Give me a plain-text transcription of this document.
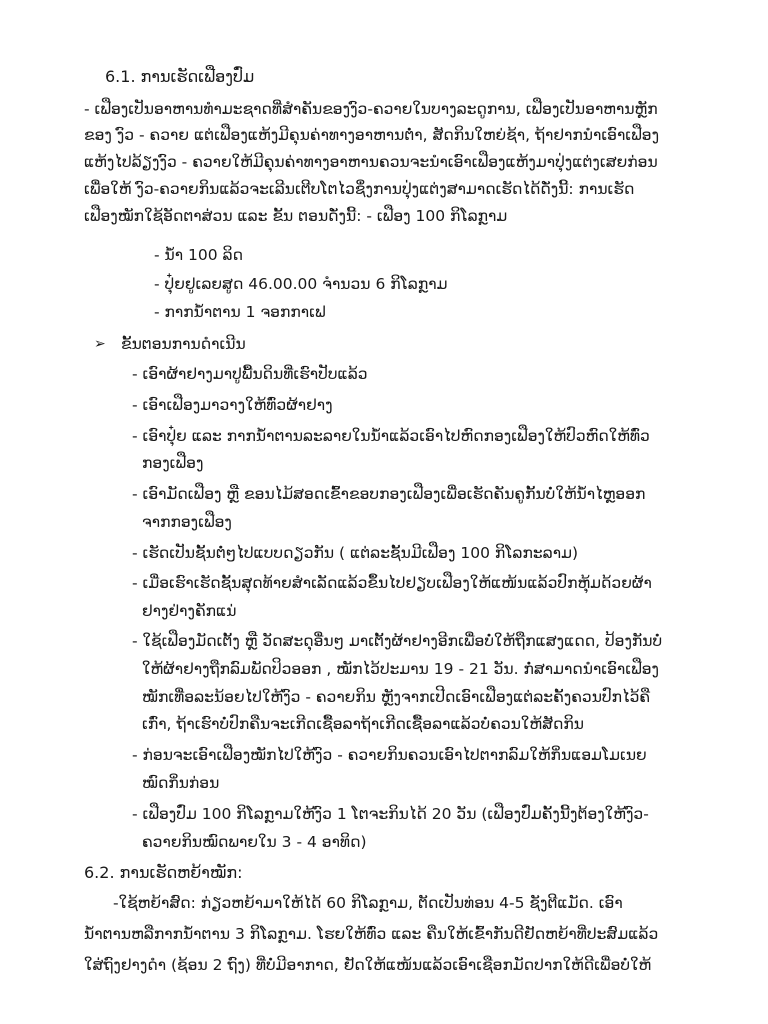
6.1. ການເຮັດເຟືອງປົ່ມ
- ເຟືອງເປັນອາຫານທຳມະຊາດທີ່ສຳຄັນຂອງງົວ-ຄວາຍໃນບາງລະດູການ, ເຟືອງເປັນອາຫານຫຼັກ
ຂອງ ງົວ - ຄວາຍ ແຕ່ເຟືອງແຫ້ງມີຄຸນຄ່າທາງອາຫານຕ່ຳ, ສັດກິນໃຫຍ່ຊ້າ, ຖ້າຢາກນຳເອົາເຟືອງ
ແຫ້ງໄປລ້ຽງງົວ - ຄວາຍໃຫ້ມີຄຸນຄ່າທາງອາຫານຄວນຈະນຳເອົາເຟືອງແຫ້ງມາປຸ່ງແຕ່ງເສຍກ່ອນ
ເພື່ອໃຫ້ ງົວ-ຄວາຍກິນແລ້ວຈະເລີນເຕີບໂຕໄວຊຶ່ງການປຸ່ງແຕ່ງສາມາດເຮັດໄດ້ດັ່ງນີ້: ການເຮັດ
ເຟືອງໝັກໃຊ້ອັດຕາສ່ວນ ແລະ ຂັ້ນ ຕອນດັ່ງນີ້: - ເຟືອງ 100 ກິໂລກຼາມ
- ນ້ຳ 100 ລິດ
- ປຸ໋ຍຢູເລຍສູດ 46.00.00 ຈຳນວນ 6 ກິໂລກຼາມ
- ກາກນ້ຳຕານ 1 ຈອກກາເຟ
➢ ຂັ້ນຕອນການດຳເນີນ
- ເອົາຜ້າຢາງມາປູພື້ນດິນທີ່ເຮົາປັບແລ້ວ
- ເອົາເຟືອງມາວາງໃຫ້ທົ່ວຜ້າຢາງ
- ເອົາປຸ໋ຍ ແລະ ກາກນ້ຳຕານລະລາຍໃນນ້ຳແລ້ວເອົາໄປຫົດກອງເຟືອງໃຫ້ປົວຫົດໃຫ້ທົ່ວ
ກອງເຟືອງ
- ເອົາມັດເຟືອງ ຫຼື ຂອນໄມ້ສອດເຂົ້າຂອບກອງເຟືອງເພື່ອເຮັດຄັນຄູກັ້ນບໍ່ໃຫ້ນ້ຳໄຫຼອອກ
ຈາກກອງເຟືອງ
- ເຮັດເປັນຊັ້ນຕໍ່ໆໄປແບບດຽວກັນ ( ແຕ່ລະຊັ້ນມີເຟືອງ 100 ກິໂລກະລາມ)
- ເມື່ອເຮົາເຮັດຊັ້ນສຸດທ້າຍສຳເລັດແລ້ວຂຶ້ນໄປຢຽບເຟືອງໃຫ້ແໜ້ນແລ້ວປົກຫຸ້ມດ້ວຍຜ້າ
ຢາງຢ່າງຄັກແນ່
- ໃຊ້ເຟືອງມັດເຕັ້ງ ຫຼື ວັດສະດຸອື່ນໆ ມາເຕັ້ງຜ້າຢາງອີກເພື່ອບໍ່ໃຫ້ຖືກແສງແດດ, ປ້ອງກັນບໍ່
ໃຫ້ຜ້າຢາງຖືກລົມພັດປິວອອກ , ໝັກໄວ້ປະມານ 19 - 21 ວັນ. ກໍ່ສາມາດນຳເອົາເຟືອງ
ໝັກເທື່ອລະນ້ອຍໄປໃຫ້ງົວ - ຄວາຍກິນ ຫຼັງຈາກເປີດເອົາເຟືອງແຕ່ລະຄັ້ງຄວນປົກໄວ້ຄື
ເກົ່າ, ຖ້າເຮົາບໍ່ປົກຄືນຈະເກີດເຊື້ອລາຖ້າເກີດເຊື້ອລາແລ້ວບໍ່ຄວນໃຫ້ສັດກິນ
- ກ່ອນຈະເອົາເຟືອງໝັກໄປໃຫ້ງົວ - ຄວາຍກິນຄວນເອົາໄປຕາກລົມໃຫ້ກິ່ນແອມໂມເນຍ
ໝົດກິ່ນກ່ອນ
- ເຟືອງປົ່ມ 100 ກິໂລກຼາມໃຫ້ງົວ 1 ໂຕຈະກິນໄດ້ 20 ວັນ (ເຟືອງປົ່ມຄັ້ງນີ້ງຕ້ອງໃຫ້ງົວ-
ຄວາຍກິນໝົດພາຍໃນ 3 - 4 ອາທິດ)
6.2. ການເຮັດຫຍ້າໝັກ:
-ໃຊ້ຫຍ້າສົດ: ກ່ຽວຫຍ້າມາໃຫ້ໄດ້ 60 ກິໂລກຼາມ, ຕັດເປັນທ່ອນ 4-5 ຊັງຕີແມັດ. ເອົາ
ນ້ຳຕານຫລືກາກນ້ຳຕານ 3 ກິໂລກຼາມ. ໂຮຍໃຫ້ທົ່ວ ແລະ ຄືນໃຫ້ເຂົ້າກັນດີຢັດຫຍ້າທີ່ປະສົມແລ້ວ
ໃສ່ຖົງຢາງດຳ (ຊ້ອນ 2 ຖົງ) ທີ່ບໍ່ມີອາກາດ, ຢັດໃຫ້ແໜ້ນແລ້ວເອົາເຊືອກມັດປາກໃຫ້ດີເພື່ອບໍ່ໃຫ້
